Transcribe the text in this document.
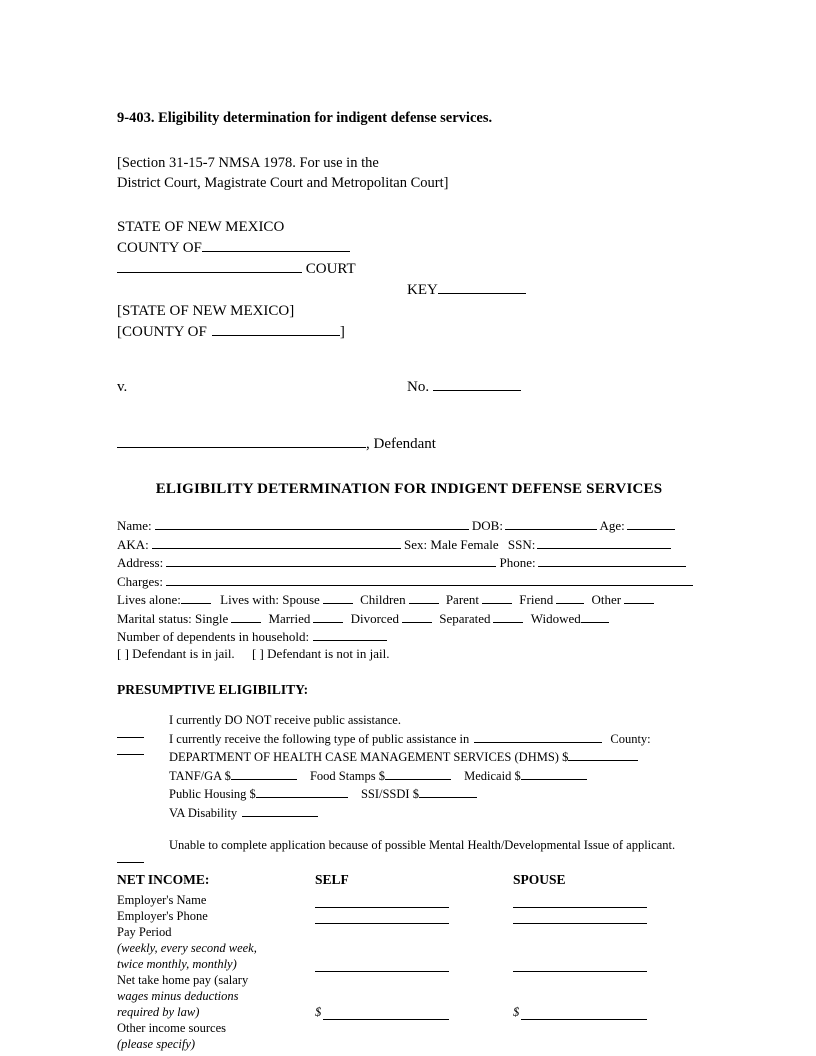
9-403. Eligibility determination for indigent defense services.
[Section 31-15-7 NMSA 1978. For use in the
District Court, Magistrate Court and Metropolitan Court]
STATE OF NEW MEXICO
COUNTY OF
COURT
KEY
[STATE OF NEW MEXICO]
[COUNTY OF	]
v.	No.
, Defendant
ELIGIBILITY DETERMINATION FOR INDIGENT DEFENSE SERVICES
Name:	DOB:	Age:
AKA:	Sex: Male Female SSN:
Address:	Phone:
Charges:
Lives alone:	Lives with: Spouse	Children	Parent	Friend	Other
Marital status: Single	Married	Divorced	Separated	Widowed
Number of dependents in household:
[ ] Defendant is in jail. [ ] Defendant is not in jail.
PRESUMPTIVE ELIGIBILITY:
I currently DO NOT receive public assistance.
I currently receive the following type of public assistance in	County:
DEPARTMENT OF HEALTH CASE MANAGEMENT SERVICES (DHMS) $
TANF/GA $	Food Stamps $	Medicaid $
Public Housing $	SSI/SSDI $
VA Disability
Unable to complete application because of possible Mental Health/Developmental Issue of applicant.
NET INCOME:	SELF	SPOUSE
Employer's Name
Employer's Phone
Pay Period
(weekly, every second week,
twice monthly, monthly)
Net take home pay (salary
wages minus deductions
required by law)	$	$
Other income sources
(please specify)
